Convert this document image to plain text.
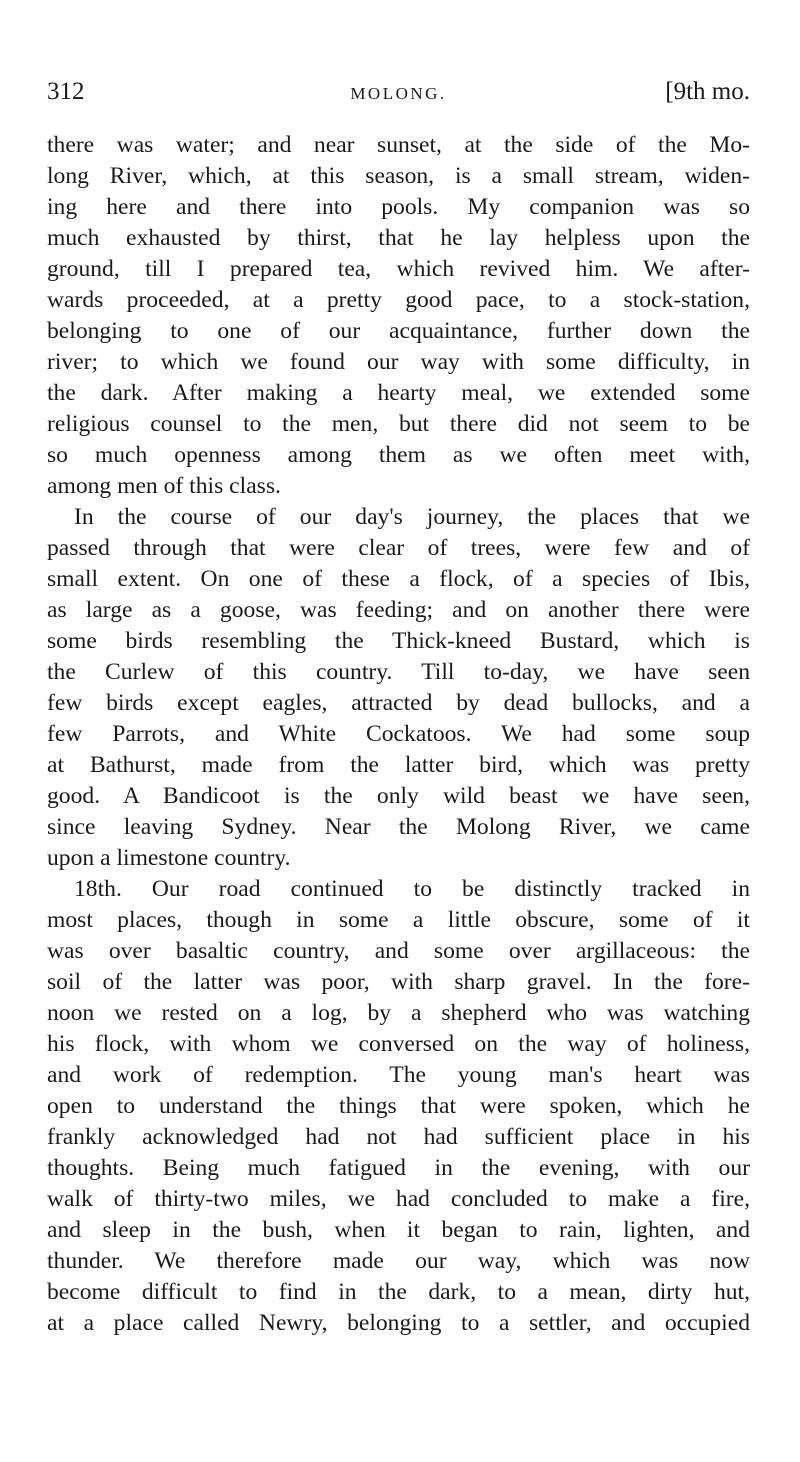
312	MOLONG.	[9th mo.
there was water; and near sunset, at the side of the Mo-
long River, which, at this season, is a small stream, widen-
ing here and there into pools. My companion was so
much exhausted by thirst, that he lay helpless upon the
ground, till I prepared tea, which revived him. We after-
wards proceeded, at a pretty good pace, to a stock-station,
belonging to one of our acquaintance, further down the
river; to which we found our way with some difficulty, in
the dark. After making a hearty meal, we extended some
religious counsel to the men, but there did not seem to be
so much openness among them as we often meet with,
among men of this class.
In the course of our day's journey, the places that we
passed through that were clear of trees, were few and of
small extent. On one of these a flock, of a species of Ibis,
as large as a goose, was feeding; and on another there were
some birds resembling the Thick-kneed Bustard, which is
the Curlew of this country. Till to-day, we have seen
few birds except eagles, attracted by dead bullocks, and a
few Parrots, and White Cockatoos. We had some soup
at Bathurst, made from the latter bird, which was pretty
good. A Bandicoot is the only wild beast we have seen,
since leaving Sydney. Near the Molong River, we came
upon a limestone country.
18th. Our road continued to be distinctly tracked in
most places, though in some a little obscure, some of it
was over basaltic country, and some over argillaceous: the
soil of the latter was poor, with sharp gravel. In the fore-
noon we rested on a log, by a shepherd who was watching
his flock, with whom we conversed on the way of holiness,
and work of redemption. The young man's heart was
open to understand the things that were spoken, which he
frankly acknowledged had not had sufficient place in his
thoughts. Being much fatigued in the evening, with our
walk of thirty-two miles, we had concluded to make a fire,
and sleep in the bush, when it began to rain, lighten, and
thunder. We therefore made our way, which was now
become difficult to find in the dark, to a mean, dirty hut,
at a place called Newry, belonging to a settler, and occupied
